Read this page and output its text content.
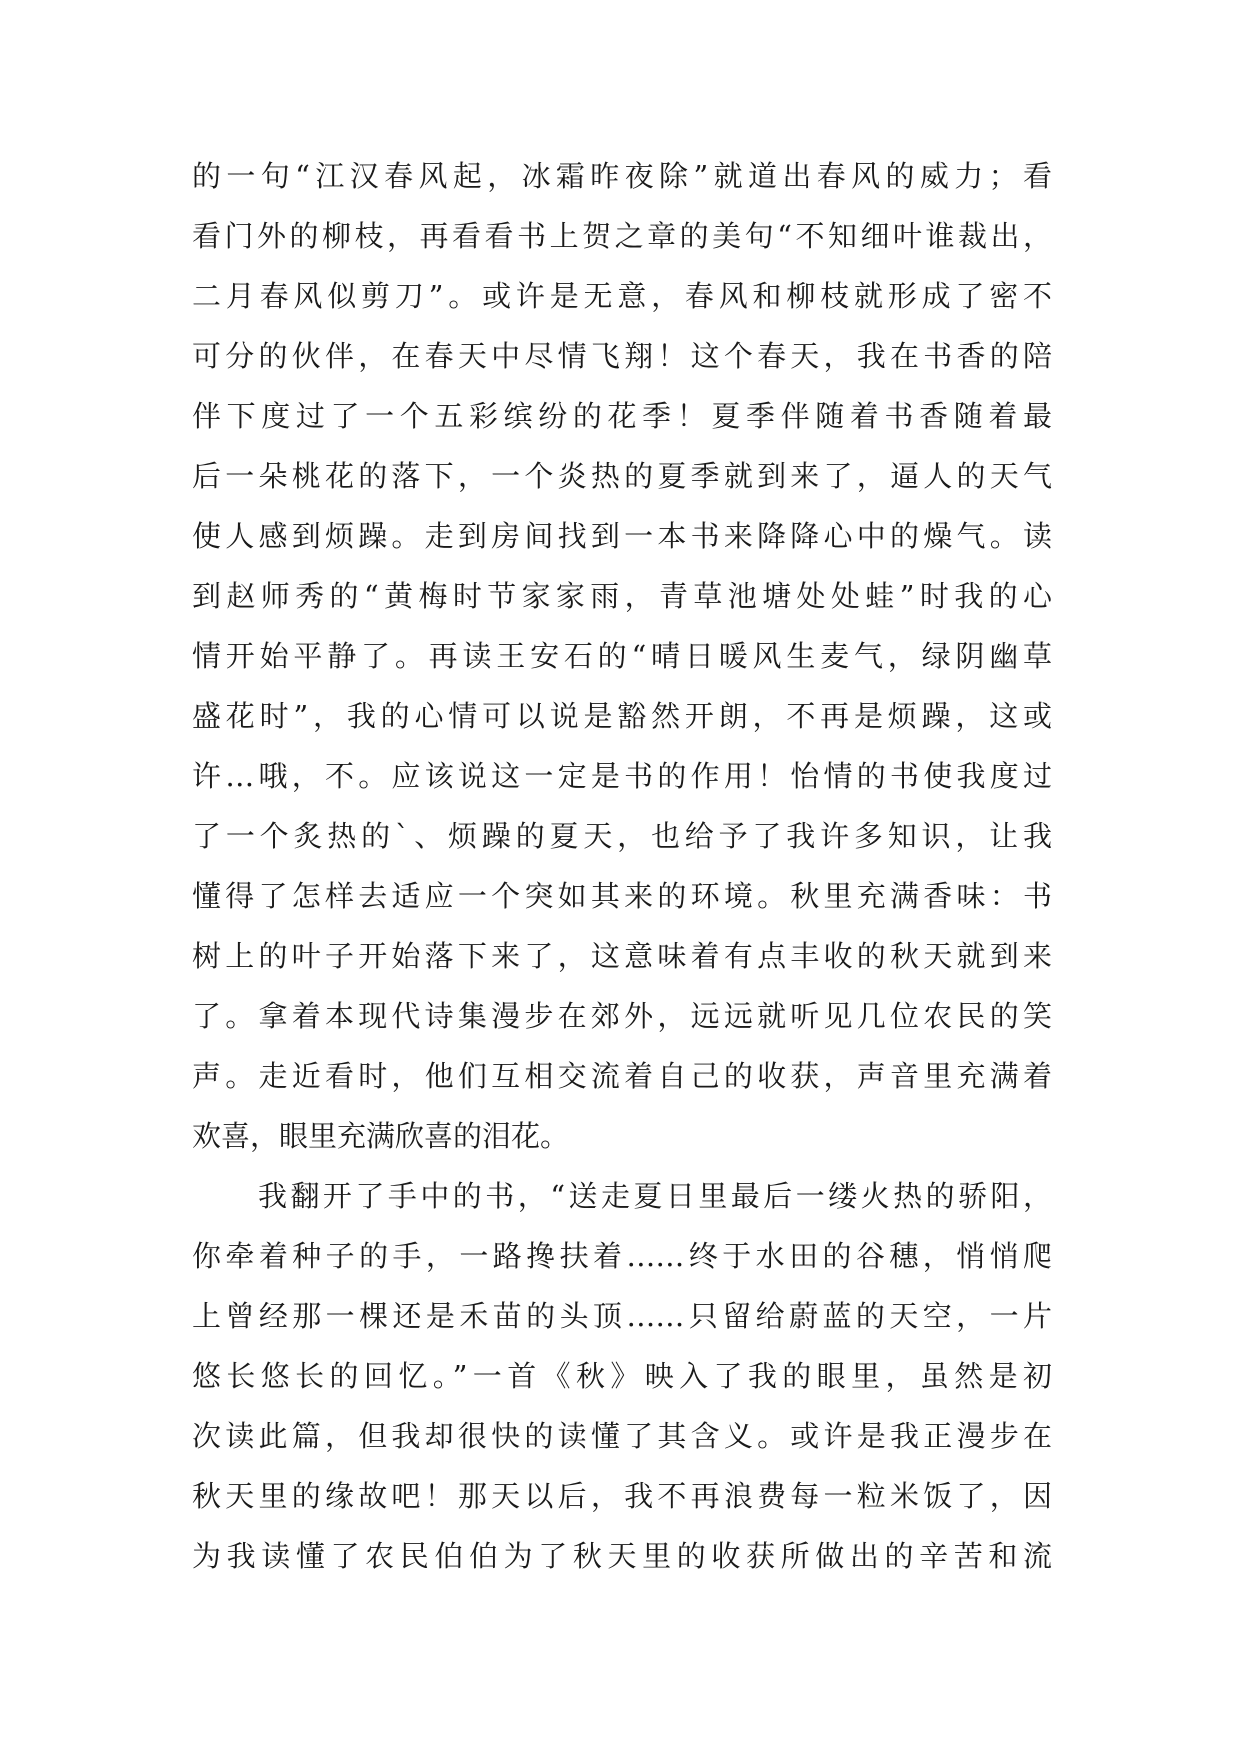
的一句“江汉春风起，冰霜昨夜除”就道出春风的威力；看
看门外的柳枝，再看看书上贺之章的美句“不知细叶谁裁出，
二月春风似剪刀”。或许是无意，春风和柳枝就形成了密不
可分的伙伴，在春天中尽情飞翔！这个春天，我在书香的陪
伴下度过了一个五彩缤纷的花季！夏季伴随着书香随着最
后一朵桃花的落下，一个炎热的夏季就到来了，逼人的天气
使人感到烦躁。走到房间找到一本书来降降心中的燥气。读
到赵师秀的“黄梅时节家家雨，青草池塘处处蛙”时我的心
情开始平静了。再读王安石的“晴日暖风生麦气，绿阴幽草
盛花时”，我的心情可以说是豁然开朗，不再是烦躁，这或
许…哦，不。应该说这一定是书的作用！怡情的书使我度过
了一个炙热的`、烦躁的夏天，也给予了我许多知识，让我
懂得了怎样去适应一个突如其来的环境。秋里充满香味：书
树上的叶子开始落下来了，这意味着有点丰收的秋天就到来
了。拿着本现代诗集漫步在郊外，远远就听见几位农民的笑
声。走近看时，他们互相交流着自己的收获，声音里充满着
欢喜，眼里充满欣喜的泪花。
我翻开了手中的书，“送走夏日里最后一缕火热的骄阳，
你牵着种子的手，一路搀扶着……终于水田的谷穗，悄悄爬
上曾经那一棵还是禾苗的头顶……只留给蔚蓝的天空，一片
悠长悠长的回忆。”一首《秋》映入了我的眼里，虽然是初
次读此篇，但我却很快的读懂了其含义。或许是我正漫步在
秋天里的缘故吧！那天以后，我不再浪费每一粒米饭了，因
为我读懂了农民伯伯为了秋天里的收获所做出的辛苦和流
